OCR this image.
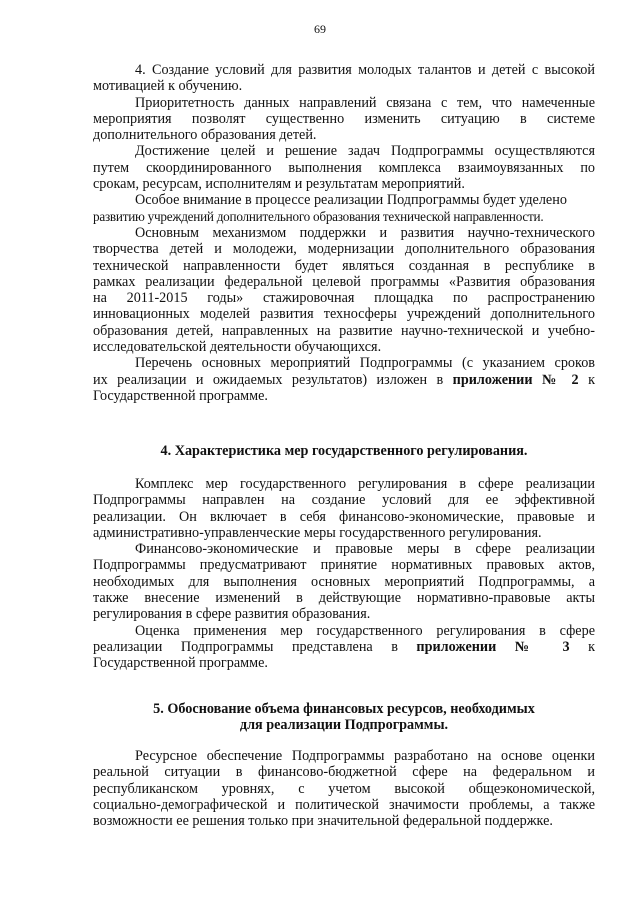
69
4. Создание условий для развития молодых талантов и детей с высокой
мотивацией к обучению.
Приоритетность данных направлений связана с тем, что намеченные
мероприятия позволят существенно изменить ситуацию в системе
дополнительного образования детей.
Достижение целей и решение задач Подпрограммы осуществляются
путем скоординированного выполнения комплекса взаимоувязанных по
срокам, ресурсам, исполнителям и результатам мероприятий.
Особое внимание в процессе реализации Подпрограммы будет уделено
развитию учреждений дополнительного образования технической направленности.
Основным механизмом поддержки и развития научно-технического
творчества детей и молодежи, модернизации дополнительного образования
технической направленности будет являться созданная в республике в
рамках реализации федеральной целевой программы «Развития образования
на 2011-2015 годы» стажировочная площадка по распространению
инновационных моделей развития техносферы учреждений дополнительного
образования детей, направленных на развитие научно-технической и учебно-
исследовательской деятельности обучающихся.
Перечень основных мероприятий Подпрограммы (с указанием сроков
их реализации и ожидаемых результатов) изложен в приложении № 2 к
Государственной программе.
4. Характеристика мер государственного регулирования.
Комплекс мер государственного регулирования в сфере реализации
Подпрограммы направлен на создание условий для ее эффективной
реализации. Он включает в себя финансово-экономические, правовые и
административно-управленческие меры государственного регулирования.
Финансово-экономические и правовые меры в сфере реализации
Подпрограммы предусматривают принятие нормативных правовых актов,
необходимых для выполнения основных мероприятий Подпрограммы, а
также внесение изменений в действующие нормативно-правовые акты
регулирования в сфере развития образования.
Оценка применения мер государственного регулирования в сфере
реализации Подпрограммы представлена в приложении № 3 к
Государственной программе.
5. Обоснование объема финансовых ресурсов, необходимых
для реализации Подпрограммы.
Ресурсное обеспечение Подпрограммы разработано на основе оценки
реальной ситуации в финансово-бюджетной сфере на федеральном и
республиканском уровнях, с учетом высокой общеэкономической,
социально-демографической и политической значимости проблемы, а также
возможности ее решения только при значительной федеральной поддержке.
